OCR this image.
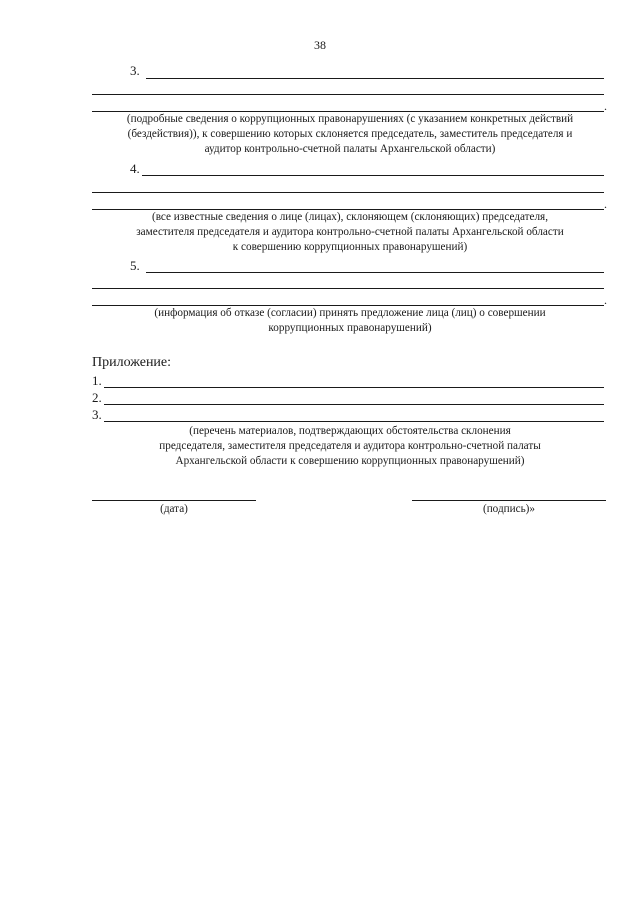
38
3.
.
(подробные сведения о коррупционных правонарушениях (с указанием конкретных действий
(бездействия)), к совершению которых склоняется председатель, заместитель председателя и
аудитор контрольно-счетной палаты Архангельской области)
4.
.
(все известные сведения о лице (лицах), склоняющем (склоняющих) председателя,
заместителя председателя и аудитора контрольно-счетной палаты Архангельской области
к совершению коррупционных правонарушений)
5.
.
(информация об отказе (согласии) принять предложение лица (лиц) о совершении
коррупционных правонарушений)
Приложение:
1.
2.
3.
(перечень материалов, подтверждающих обстоятельства склонения
председателя, заместителя председателя и аудитора контрольно-счетной палаты
Архангельской области к совершению коррупционных правонарушений)
(дата)	(подпись)»
